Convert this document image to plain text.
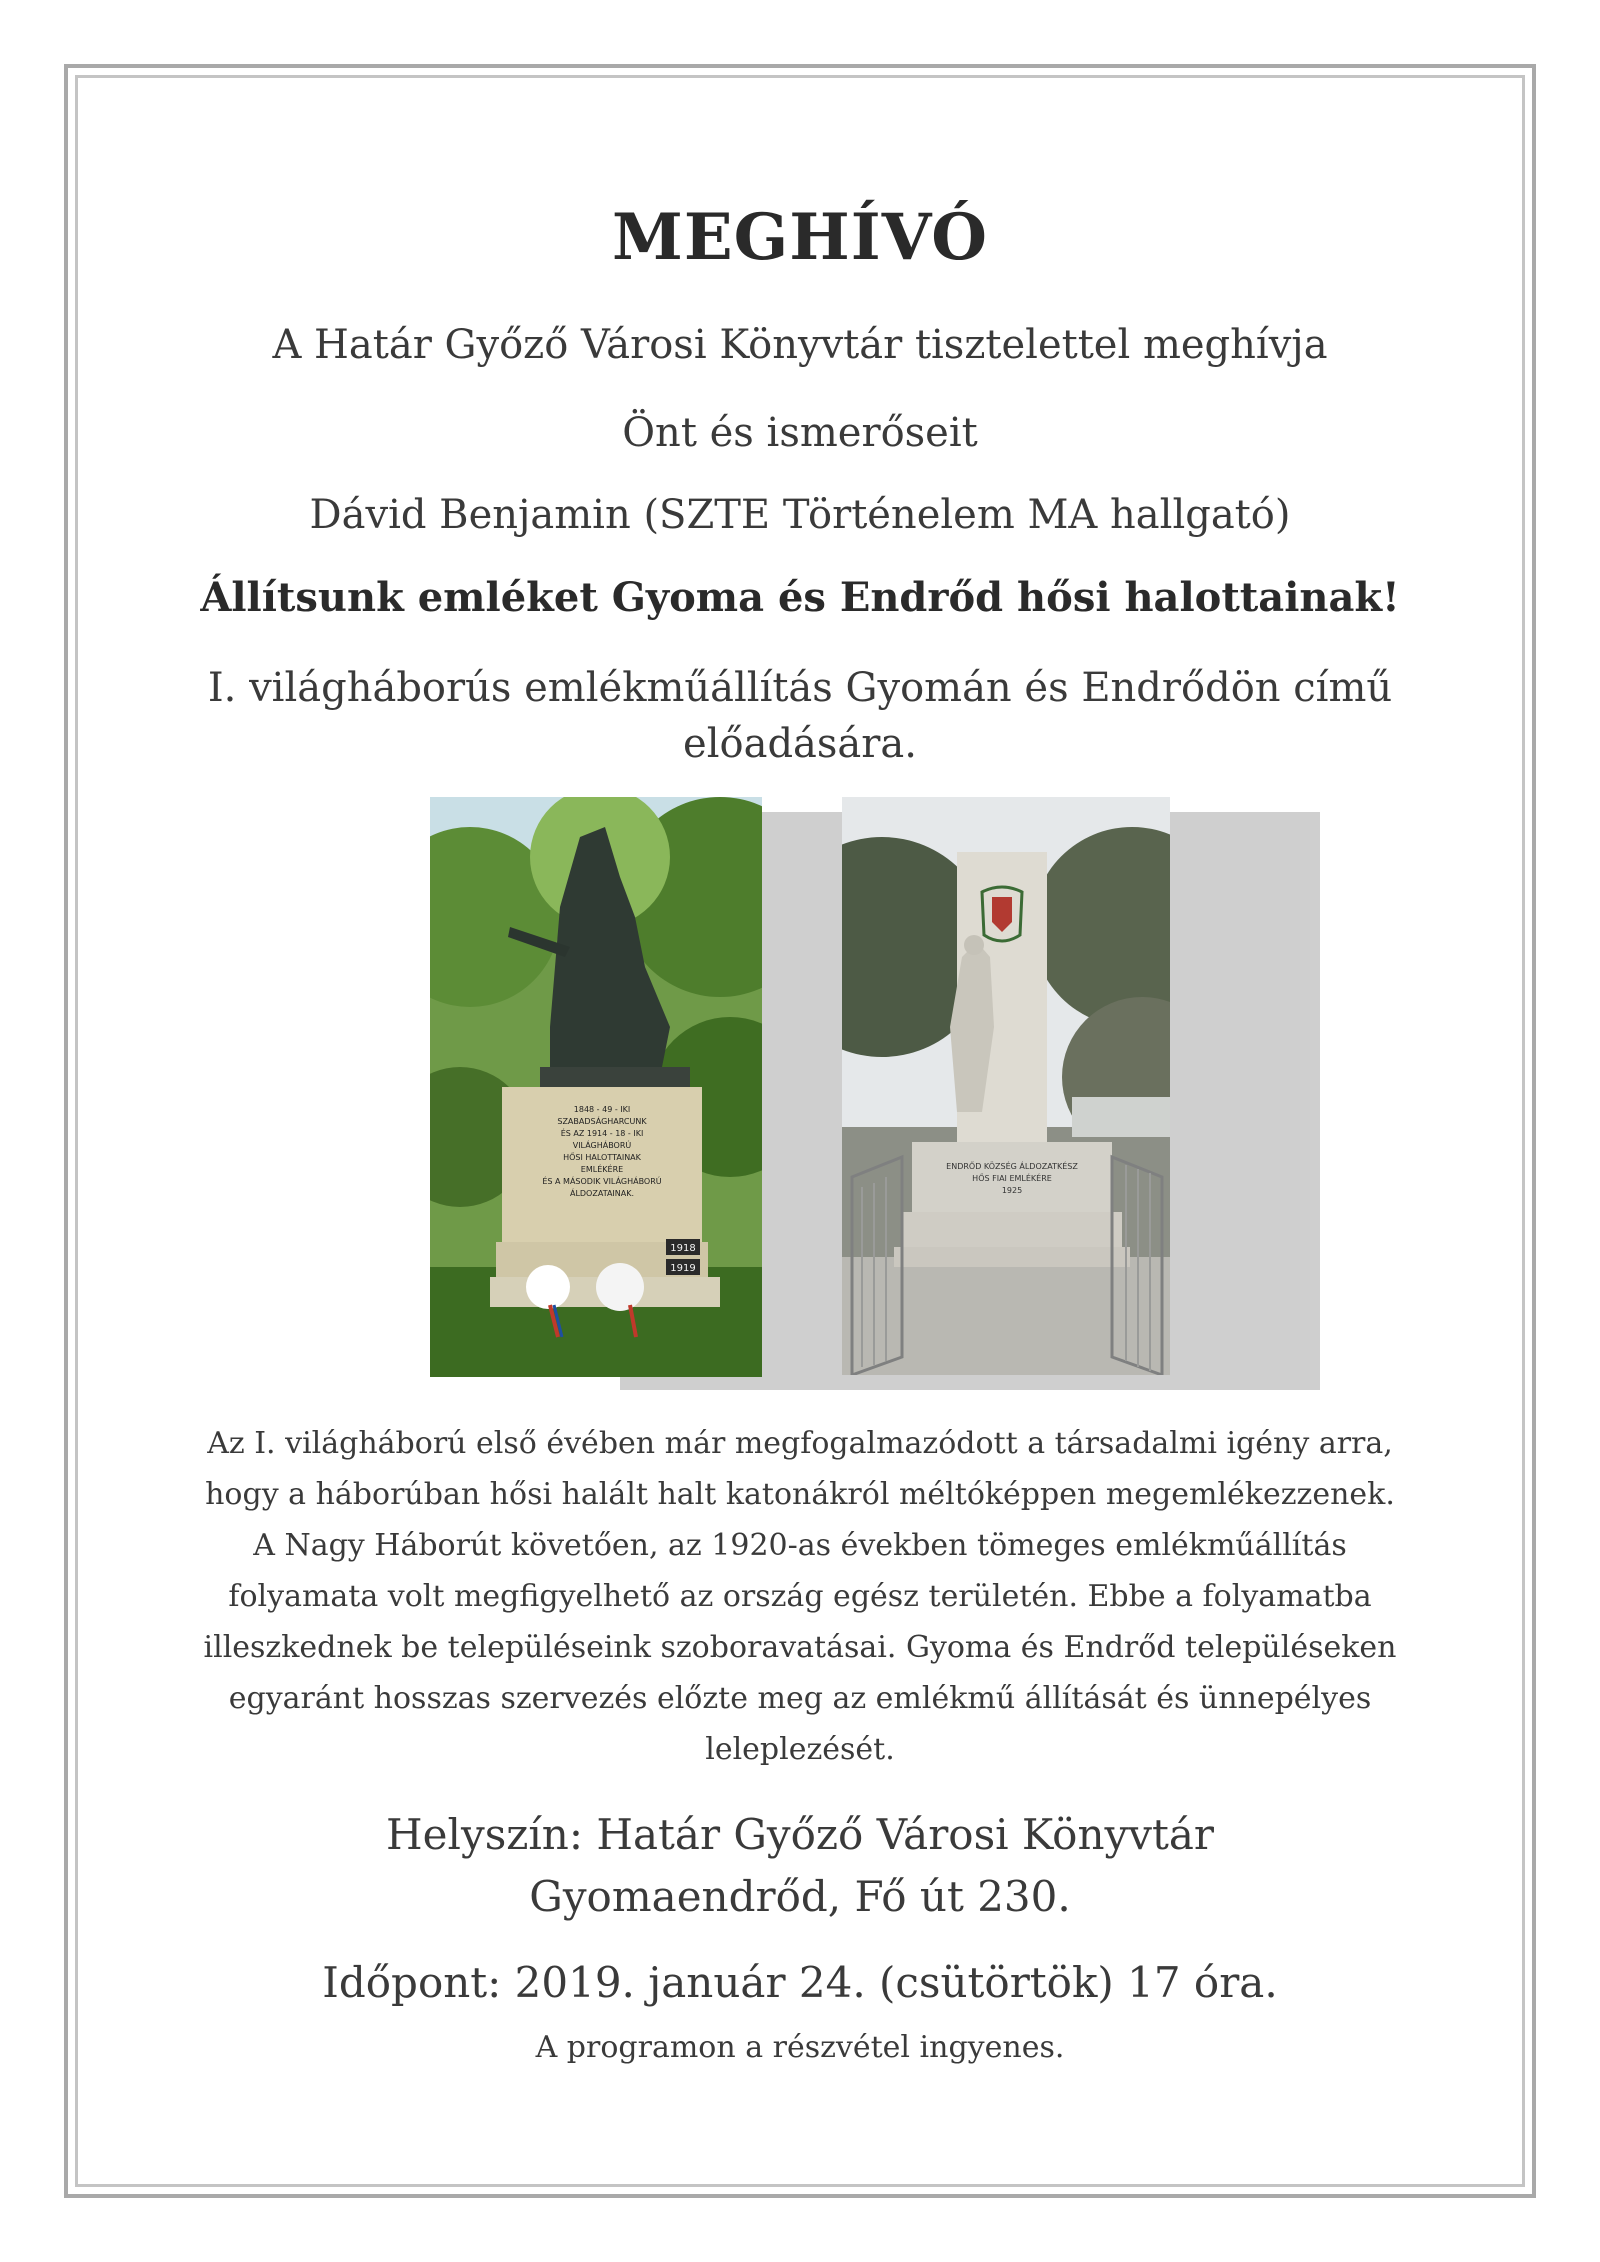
MEGHÍVÓ
A Határ Győző Városi Könyvtár tisztelettel meghívja
Önt és ismerőseit
Dávid Benjamin (SZTE Történelem MA hallgató)
Állítsunk emléket Gyoma és Endrőd hősi halottainak!
I. világháborús emlékműállítás Gyomán és Endrődön című előadására.
1848 - 49 - IKI
SZABADSÁGHARCUNK
ÉS AZ 1914 - 18 - IKI
VILÁGHÁBORÚ
HŐSI HALOTTAINAK
EMLÉKÉRE
ÉS A MÁSODIK VILÁGHÁBORÚ
ÁLDOZATAINAK.
1918
1919
ENDRŐD KÖZSÉG ÁLDOZATKÉSZ
HŐS FIAI EMLÉKÉRE
1925
Az I. világháború első évében már megfogalmazódott a társadalmi igény arra, hogy a háborúban hősi halált halt katonákról méltóképpen megemlékezzenek. A Nagy Háborút követően, az 1920-as években tömeges emlékműállítás folyamata volt megfigyelhető az ország egész területén. Ebbe a folyamatba illeszkednek be településeink szoboravatásai. Gyoma és Endrőd településeken egyaránt hosszas szervezés előzte meg az emlékmű állítását és ünnepélyes leleplezését.
Helyszín: Határ Győző Városi Könyvtár
Gyomaendrőd, Fő út 230.
Időpont: 2019. január 24. (csütörtök) 17 óra.
A programon a részvétel ingyenes.
